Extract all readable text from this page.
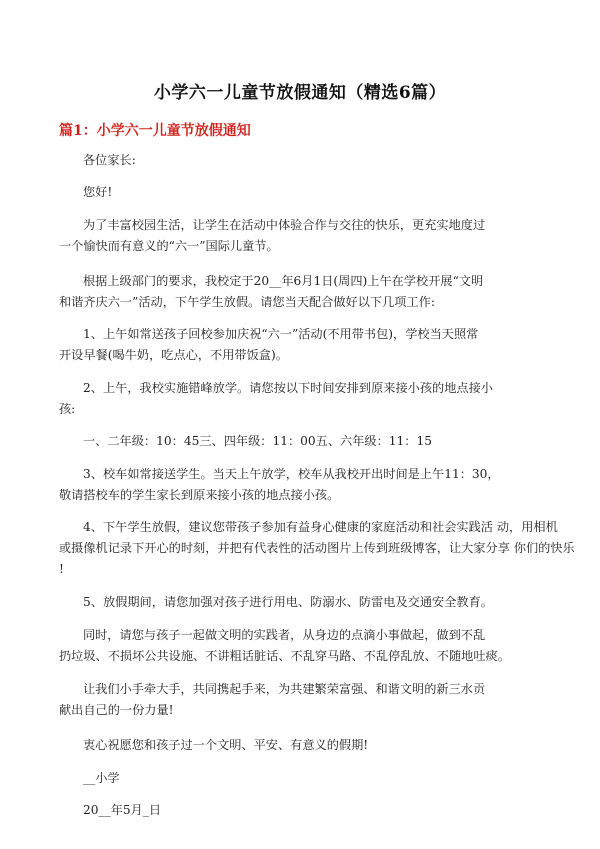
小学六一儿童节放假通知（精选6篇）
篇1：小学六一儿童节放假通知
各位家长:
您好!
为了丰富校园生活，让学生在活动中体验合作与交往的快乐，更充实地度过
一个愉快而有意义的“六一”国际儿童节。
根据上级部门的要求，我校定于20__年6月1日(周四)上午在学校开展“文明
和谐齐庆六一”活动，下午学生放假。请您当天配合做好以下几项工作:
1、上午如常送孩子回校参加庆祝“六一”活动(不用带书包)，学校当天照常
开设早餐(喝牛奶，吃点心，不用带饭盒)。
2、上午，我校实施错峰放学。请您按以下时间安排到原来接小孩的地点接小
孩:
一、二年级：10：45三、四年级：11：00五、六年级：11：15
3、校车如常接送学生。当天上午放学，校车从我校开出时间是上午11：30，
敬请搭校车的学生家长到原来接小孩的地点接小孩。
4、下午学生放假，建议您带孩子参加有益身心健康的家庭活动和社会实践活 动，用相机
或摄像机记录下开心的时刻，并把有代表性的活动图片上传到班级博客，让大家分享 你们的快乐
!
5、放假期间，请您加强对孩子进行用电、防溺水、防雷电及交通安全教育。
同时，请您与孩子一起做文明的实践者，从身边的点滴小事做起，做到不乱
扔垃圾、不损坏公共设施、不讲粗话脏话、不乱穿马路、不乱停乱放、不随地吐痰。
让我们小手牵大手，共同携起手来，为共建繁荣富强、和谐文明的新三水贡
献出自己的一份力量!
衷心祝愿您和孩子过一个文明、平安、有意义的假期!
__小学
20__年5月_日
